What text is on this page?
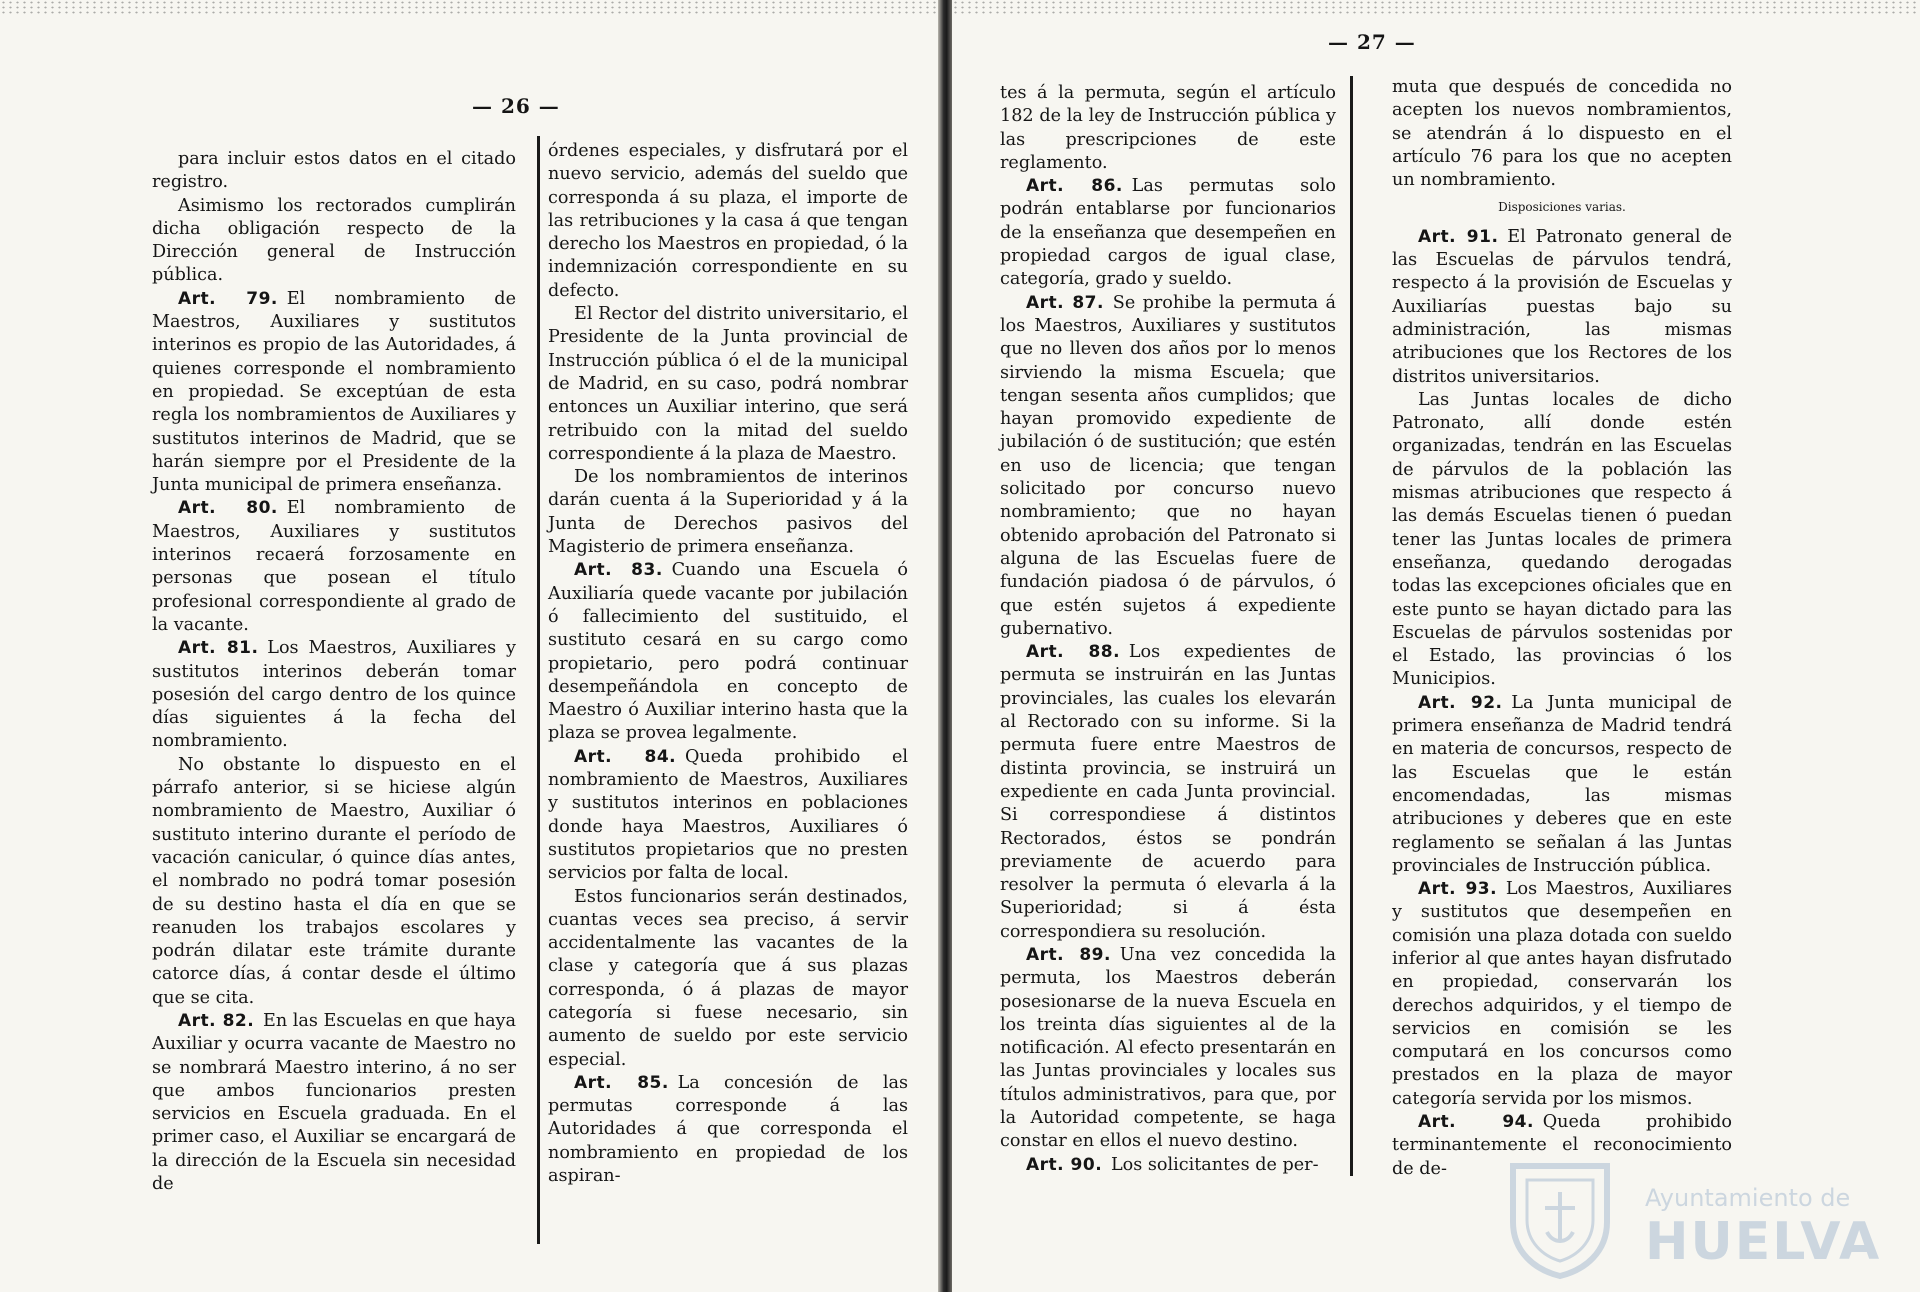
— 26 —

para incluir estos datos en el citado registro.

Asimismo los rectorados cumplirán dicha obligación respecto de la Dirección general de Instrucción pública.

Art. 79.  El nombramiento de Maestros, Auxiliares y sustitutos interinos es propio de las Autoridades, á quienes corresponde el nombramiento en propiedad. Se exceptúan de esta regla los nombramientos de Auxiliares y sustitutos interinos de Madrid, que se harán siempre por el Presidente de la Junta municipal de primera enseñanza.

Art. 80.  El nombramiento de Maestros, Auxiliares y sustitutos interinos recaerá forzosamente en personas que posean el título profesional correspondiente al grado de la vacante.

Art. 81.  Los Maestros, Auxiliares y sustitutos interinos deberán tomar posesión del cargo dentro de los quince días siguientes á la fecha del nombramiento.

No obstante lo dispuesto en el párrafo anterior, si se hiciese algún nombramiento de Maestro, Auxiliar ó sustituto interino durante el período de vacación canicular, ó quince días antes, el nombrado no podrá tomar posesión de su destino hasta el día en que se reanuden los trabajos escolares y podrán dilatar este trámite durante catorce días, á contar desde el último que se cita.

Art. 82.  En las Escuelas en que haya Auxiliar y ocurra vacante de Maestro no se nombrará Maestro interino, á no ser que ambos funcionarios presten servicios en Escuela graduada. En el primer caso, el Auxiliar se encargará de la dirección de la Escuela sin necesidad de

órdenes especiales, y disfrutará por el nuevo servicio, además del sueldo que corresponda á su plaza, el importe de las retribuciones y la casa á que tengan derecho los Maestros en propiedad, ó la indemnización correspondiente en su defecto.

El Rector del distrito universitario, el Presidente de la Junta provincial de Instrucción pública ó el de la municipal de Madrid, en su caso, podrá nombrar entonces un Auxiliar interino, que será retribuido con la mitad del sueldo correspondiente á la plaza de Maestro.

De los nombramientos de interinos darán cuenta á la Superioridad y á la Junta de Derechos pasivos del Magisterio de primera enseñanza.

Art. 83.  Cuando una Escuela ó Auxiliaría quede vacante por jubilación ó fallecimiento del sustituido, el sustituto cesará en su cargo como propietario, pero podrá continuar desempeñándola en concepto de Maestro ó Auxiliar interino hasta que la plaza se provea legalmente.

Art. 84.  Queda prohibido el nombramiento de Maestros, Auxiliares y sustitutos interinos en poblaciones donde haya Maestros, Auxiliares ó sustitutos propietarios que no presten servicios por falta de local.

Estos funcionarios serán destinados, cuantas veces sea preciso, á servir accidentalmente las vacantes de la clase y categoría que á sus plazas corresponda, ó á plazas de mayor categoría si fuese necesario, sin aumento de sueldo por este servicio especial.

Art. 85.  La concesión de las permutas corresponde á las Autoridades á que corresponda el nombramiento en propiedad de los aspiran-

— 27 —

tes á la permuta, según el artículo 182 de la ley de Instrucción pública y las prescripciones de este reglamento.

Art. 86.  Las permutas solo podrán entablarse por funcionarios de la enseñanza que desempeñen en propiedad cargos de igual clase, categoría, grado y sueldo.

Art. 87.  Se prohibe la permuta á los Maestros, Auxiliares y sustitutos que no lleven dos años por lo menos sirviendo la misma Escuela; que tengan sesenta años cumplidos; que hayan promovido expediente de jubilación ó de sustitución; que estén en uso de licencia; que tengan solicitado por concurso nuevo nombramiento; que no hayan obtenido aprobación del Patronato si alguna de las Escuelas fuere de fundación piadosa ó de párvulos, ó que estén sujetos á expediente gubernativo.

Art. 88.  Los expedientes de permuta se instruirán en las Juntas provinciales, las cuales los elevarán al Rectorado con su informe. Si la permuta fuere entre Maestros de distinta provincia, se instruirá un expediente en cada Junta provincial. Si correspondiese á distintos Rectorados, éstos se pondrán previamente de acuerdo para resolver la permuta ó elevarla á la Superioridad; si á ésta correspondiera su resolución.

Art. 89.  Una vez concedida la permuta, los Maestros deberán posesionarse de la nueva Escuela en los treinta días siguientes al de la notificación. Al efecto presentarán en las Juntas provinciales y locales sus títulos administrativos, para que, por la Autoridad competente, se haga constar en ellos el nuevo destino.

Art. 90.  Los solicitantes de per-

muta que después de concedida no acepten los nuevos nombramientos, se atendrán á lo dispuesto en el artículo 76 para los que no acepten un nombramiento.

Disposiciones varias.

Art. 91.  El Patronato general de las Escuelas de párvulos tendrá, respecto á la provisión de Escuelas y Auxiliarías puestas bajo su administración, las mismas atribuciones que los Rectores de los distritos universitarios.

Las Juntas locales de dicho Patronato, allí donde estén organizadas, tendrán en las Escuelas de párvulos de la población las mismas atribuciones que respecto á las demás Escuelas tienen ó puedan tener las Juntas locales de primera enseñanza, quedando derogadas todas las excepciones oficiales que en este punto se hayan dictado para las Escuelas de párvulos sostenidas por el Estado, las provincias ó los Municipios.

Art. 92.  La Junta municipal de primera enseñanza de Madrid tendrá en materia de concursos, respecto de las Escuelas que le están encomendadas, las mismas atribuciones y deberes que en este reglamento se señalan á las Juntas provinciales de Instrucción pública.

Art. 93.  Los Maestros, Auxiliares y sustitutos que desempeñen en comisión una plaza dotada con sueldo inferior al que antes hayan disfrutado en propiedad, conservarán los derechos adquiridos, y el tiempo de servicios en comisión se les computará en los concursos como prestados en la plaza de mayor categoría servida por los mismos.

Art. 94.  Queda prohibido terminantemente el reconocimiento de de-

Ayuntamiento de
HUELVA
